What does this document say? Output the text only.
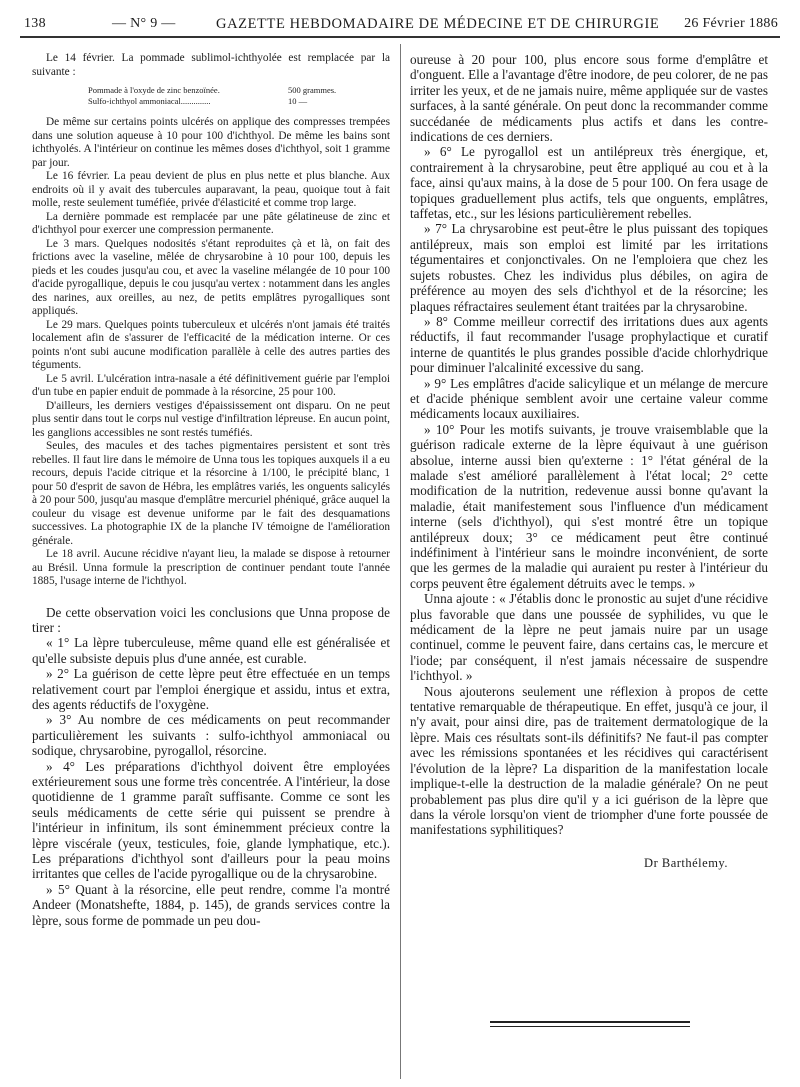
138	— N° 9 —	GAZETTE HEBDOMADAIRE DE MÉDECINE ET DE CHIRURGIE 26 Février 1886

Le 14 février. La pommade sublimol-ichthyolée est remplacée par la suivante :

Pommade à l'oxyde de zinc benzoïnée.	500 grammes.
Sulfo-ichthyol ammoniacal..............	10 —

De même sur certains points ulcérés on applique des compresses trempées dans une solution aqueuse à 10 pour 100 d'ichthyol. De même les bains sont ichthyolés. A l'intérieur on continue les mêmes doses d'ichthyol, soit 1 gramme par jour.

Le 16 février. La peau devient de plus en plus nette et plus blanche. Aux endroits où il y avait des tubercules auparavant, la peau, quoique tout à fait molle, reste seulement tuméfiée, privée d'élasticité et comme trop large.

La dernière pommade est remplacée par une pâte gélatineuse de zinc et d'ichthyol pour exercer une compression permanente.

Le 3 mars. Quelques nodosités s'étant reproduites çà et là, on fait des frictions avec la vaseline, mêlée de chrysarobine à 10 pour 100, depuis les pieds et les coudes jusqu'au cou, et avec la vaseline mélangée de 10 pour 100 d'acide pyrogallique, depuis le cou jusqu'au vertex : notamment dans les angles des narines, aux oreilles, au nez, de petits emplâtres pyrogalliques sont appliqués.

Le 29 mars. Quelques points tuberculeux et ulcérés n'ont jamais été traités localement afin de s'assurer de l'efficacité de la médication interne. Or ces points n'ont subi aucune modification parallèle à celle des autres parties des téguments.

Le 5 avril. L'ulcération intra-nasale a été définitivement guérie par l'emploi d'un tube en papier enduit de pommade à la résorcine, 25 pour 100.

D'ailleurs, les derniers vestiges d'épaississement ont disparu. On ne peut plus sentir dans tout le corps nul vestige d'infiltration lépreuse. En aucun point, les ganglions accessibles ne sont restés tuméfiés.

Seules, des macules et des taches pigmentaires persistent et sont très rebelles. Il faut lire dans le mémoire de Unna tous les topiques auxquels il a eu recours, depuis l'acide citrique et la résorcine à 1/100, le précipité blanc, 1 pour 50 d'esprit de savon de Hébra, les emplâtres variés, les onguents salicylés à 20 pour 500, jusqu'au masque d'emplâtre mercuriel phéniqué, grâce auquel la couleur du visage est devenue uniforme par le fait des desquamations successives. La photographie IX de la planche IV témoigne de l'amélioration générale.

Le 18 avril. Aucune récidive n'ayant lieu, la malade se dispose à retourner au Brésil. Unna formule la prescription de continuer pendant toute l'année 1885, l'usage interne de l'ichthyol.

De cette observation voici les conclusions que Unna propose de tirer :

« 1° La lèpre tuberculeuse, même quand elle est généralisée et qu'elle subsiste depuis plus d'une année, est curable.

» 2° La guérison de cette lèpre peut être effectuée en un temps relativement court par l'emploi énergique et assidu, intus et extra, des agents réductifs de l'oxygène.

» 3° Au nombre de ces médicaments on peut recommander particulièrement les suivants : sulfo-ichthyol ammoniacal ou sodique, chrysarobine, pyrogallol, résorcine.

» 4° Les préparations d'ichthyol doivent être employées extérieurement sous une forme très concentrée. A l'intérieur, la dose quotidienne de 1 gramme paraît suffisante. Comme ce sont les seuls médicaments de cette série qui puissent se prendre à l'intérieur in infinitum, ils sont éminemment précieux contre la lèpre viscérale (yeux, testicules, foie, glande lymphatique, etc.). Les préparations d'ichthyol sont d'ailleurs pour la peau moins irritantes que celles de l'acide pyrogallique ou de la chrysarobine.

» 5° Quant à la résorcine, elle peut rendre, comme l'a montré Andeer (Monatshefte, 1884, p. 145), de grands services contre la lèpre, sous forme de pommade un peu dou-

oureuse à 20 pour 100, plus encore sous forme d'emplâtre et d'onguent. Elle a l'avantage d'être inodore, de peu colorer, de ne pas irriter les yeux, et de ne jamais nuire, même appliquée sur de vastes surfaces, à la santé générale. On peut donc la recommander comme succédanée de médicaments plus actifs et dans les contre-indications de ces derniers.

» 6° Le pyrogallol est un antilépreux très énergique, et, contrairement à la chrysarobine, peut être appliqué au cou et à la face, ainsi qu'aux mains, à la dose de 5 pour 100. On fera usage de topiques graduellement plus actifs, tels que onguents, emplâtres, taffetas, etc., sur les lésions particulièrement rebelles.

» 7° La chrysarobine est peut-être le plus puissant des topiques antilépreux, mais son emploi est limité par les irritations tégumentaires et conjonctivales. On ne l'emploiera que chez les sujets robustes. Chez les individus plus débiles, on agira de préférence au moyen des sels d'ichthyol et de la résorcine; les plaques réfractaires seulement étant traitées par la chrysarobine.

» 8° Comme meilleur correctif des irritations dues aux agents réductifs, il faut recommander l'usage prophylactique et curatif interne de quantités le plus grandes possible d'acide chlorhydrique pour diminuer l'alcalinité excessive du sang.

» 9° Les emplâtres d'acide salicylique et un mélange de mercure et d'acide phénique semblent avoir une certaine valeur comme médicaments locaux auxiliaires.

» 10° Pour les motifs suivants, je trouve vraisemblable que la guérison radicale externe de la lèpre équivaut à une guérison absolue, interne aussi bien qu'externe : 1° l'état général de la malade s'est amélioré parallèlement à l'état local; 2° cette modification de la nutrition, redevenue aussi bonne qu'avant la maladie, était manifestement sous l'influence d'un médicament interne (sels d'ichthyol), qui s'est montré être un topique antilépreux doux; 3° ce médicament peut être continué indéfiniment à l'intérieur sans le moindre inconvénient, de sorte que les germes de la maladie qui auraient pu rester à l'intérieur du corps peuvent être également détruits avec le temps. »

Unna ajoute : « J'établis donc le pronostic au sujet d'une récidive plus favorable que dans une poussée de syphilides, vu que le médicament de la lèpre ne peut jamais nuire par un usage continuel, comme le peuvent faire, dans certains cas, le mercure et l'iode; par conséquent, il n'est jamais nécessaire de suspendre l'ichthyol. »

Nous ajouterons seulement une réflexion à propos de cette tentative remarquable de thérapeutique. En effet, jusqu'à ce jour, il n'y avait, pour ainsi dire, pas de traitement dermatologique de la lèpre. Mais ces résultats sont-ils définitifs? Ne faut-il pas compter avec les rémissions spontanées et les récidives qui caractérisent l'évolution de la lèpre? La disparition de la manifestation locale implique-t-elle la destruction de la maladie générale? On ne peut probablement pas plus dire qu'il y a ici guérison de la lèpre que dans la vérole lorsqu'on vient de triompher d'une forte poussée de manifestations syphilitiques?

Dr Barthélemy.
